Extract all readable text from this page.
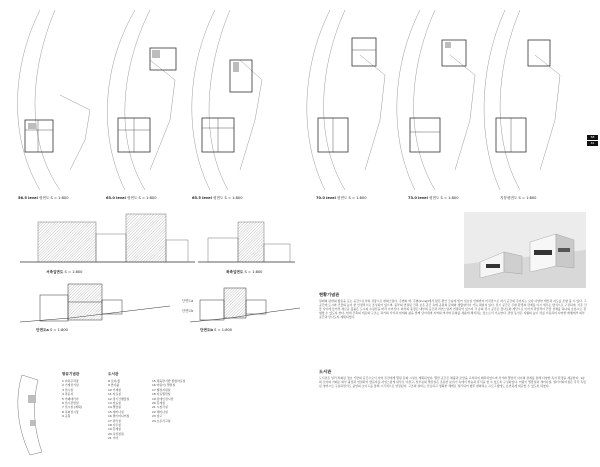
단면도a
단면도b
56.5 level 평면도 S = 1:800	63.0 level 평면도 S = 1:800	65.5 level 평면도 S = 1:800	70.0 level 평면도 S = 1:800	73.0 level 평면도 S = 1:800	지붕평면도 S = 1:800
58
61
서측입면도 S = 1:800	북측입면도 S = 1:800
단면도a S = 1:800	단면도b S = 1:800
향뮤기념관
1 지하주차장
2 기계전기실
3 전시실
4 라운지
5 카페테리아
6 전시관람실
7 전시실 (계획)
8 옥외전시장
9 공원
도서관
8 로비/홀
9 반사광
10 기계실
11 자료실
12 정기간행물실
13 자료실
14 열람실
15 세미나실
16 멀티미디어실
17 관리실
18 사무실
19 휴게실
20 옥상정원
21 기타
15 체육관기반 종합자료실
16 어린이/ 열람실
17 행정지원실
18 자료열람실
19 장애인전시관
20 휴게실
21 시청각실
22 세미나실
23 창고
24 보존서고실
현황기념관
원래의 평면의 활용을 포는 공간으로서의 성장으로 변화스럽다. 주변의 벽, 주변(living)에서 왔던 편안 모습에 빌어 일요일 언제까지 미국관으로 자기 공간의 주어지는 보다 다양한 개인과 지도를 조항 볼 수 있다. 그 공간에 도시와 건물의 높이 한 안정적으로 조성되어 있으며, 중부의 연결된 건축 보존 공간 속에 공원의 문화와 생활양식이 가득 채워져 있다. 전시 공간은 주변 환경의 관계를 다시 세우는 방식으로 구성되며, 기존 건물 사이에 들어선 새로운 볼륨은 도시의 수평선을 따라 이어진다. 외부의 풍경은 내부의 공간과 자연스럽게 연결되어 있으며 각 층의 전시 공간은 경사로와 계단으로 이어져 관람객이 건물 전체를 하나의 흐름으로 경험할 수 있도록 한다. 현대 건축의 재료와 구조는 과거의 기억과 현재의 삶을 함께 담아내며 지역의 역사와 문화를 새롭게 해석하는 장소로서 기능한다. 관람 동선은 지형의 높이 차를 이용하여 다양한 레벨에서 외부 공간과 만나도록 계획되었다.
도서관
도서관은 널리 특화된 정보 기반의 공간으로서 지역 주민에게 열린 문화 시설로 계획되었다. 열람 공간은 채광과 조망을 고려하여 배치되었으며 서가와 열람석 사이의 관계를 통해 다양한 독서 환경을 제공한다. 1층의 로비와 카페는 외부 광장과 연결되어 방문자를 자연스럽게 내부로 이끌고, 상부층의 열람실은 조용한 분위기 속에서 학습과 휴식을 할 수 있도록 구성되었다. 어린이 열람실과 세미나실, 멀티미디어실은 각각 독립된 영역으로 구분되면서도 중앙의 보이드를 통해 시각적으로 연결된다. 구조와 설비는 단순하고 명확한 체계로 정리되어 향후 변화하는 프로그램에도 유연하게 대응할 수 있도록 하였다.
